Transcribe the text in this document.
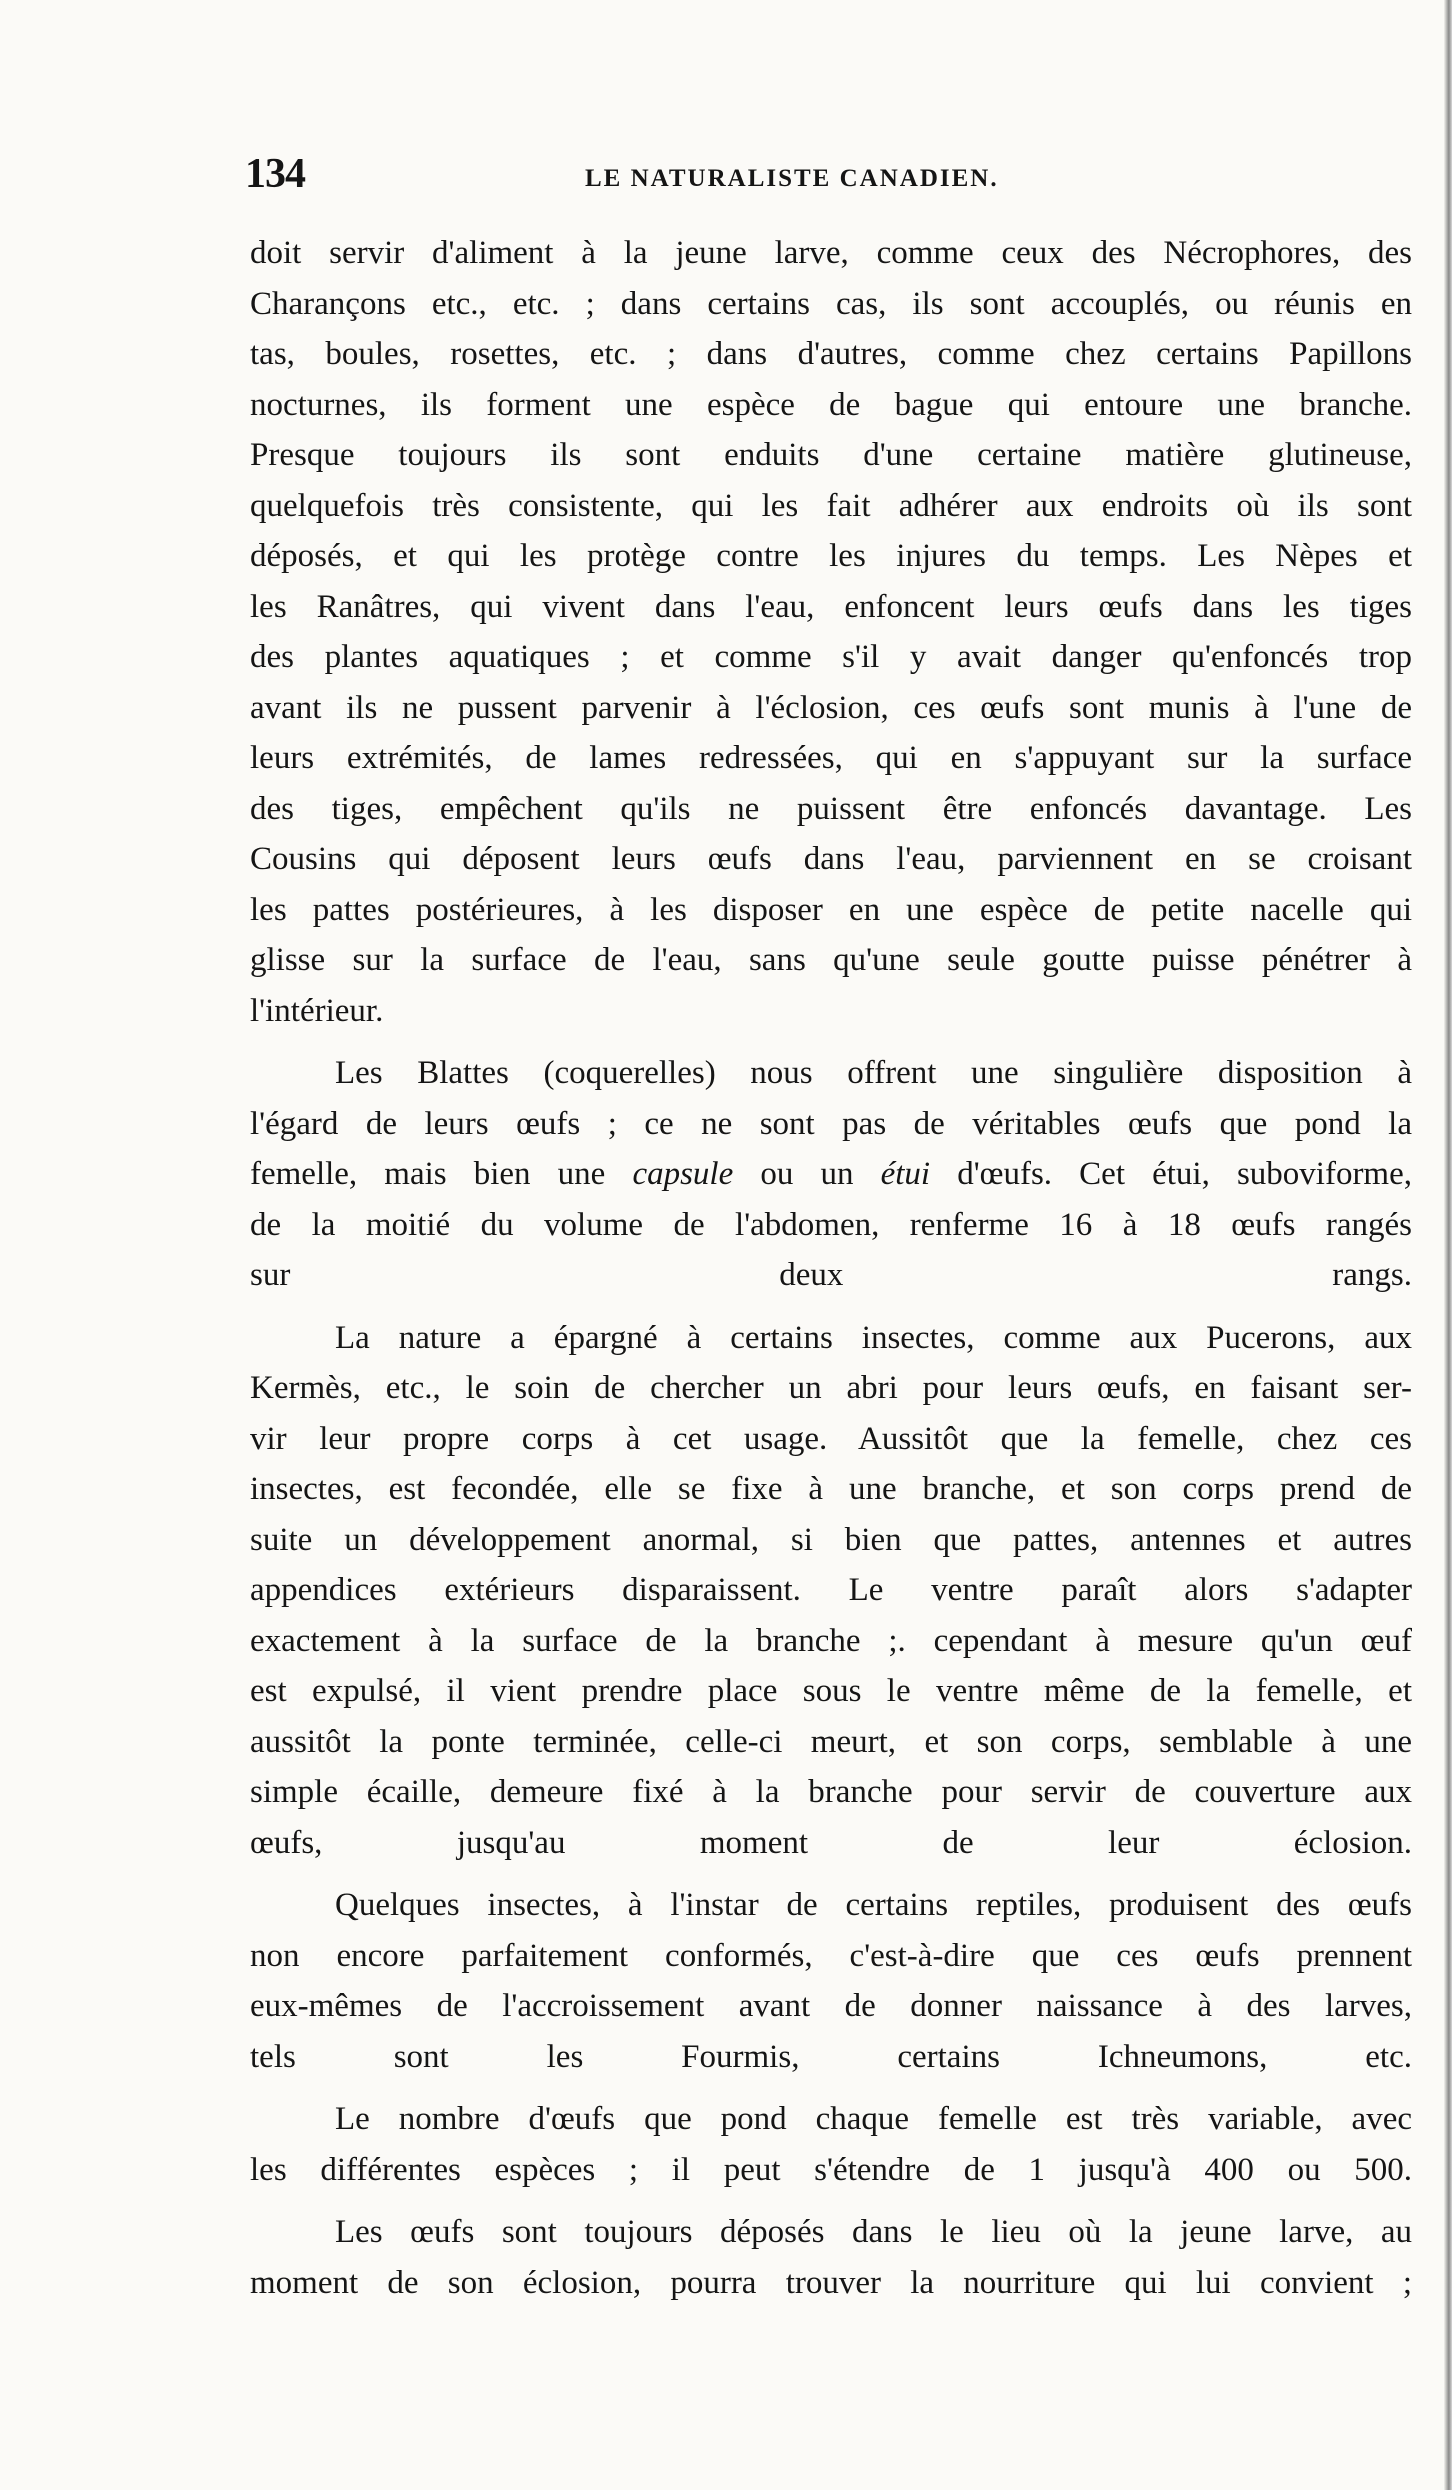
134	LE NATURALISTE CANADIEN.
doit servir d'aliment à la jeune larve, comme ceux des Nécrophores, des
Charançons etc., etc. ; dans certains cas, ils sont accouplés, ou réunis en
tas, boules, rosettes, etc. ; dans d'autres, comme chez certains Papillons
nocturnes, ils forment une espèce de bague qui entoure une branche.
Presque toujours ils sont enduits d'une certaine matière glutineuse,
quelquefois très consistente, qui les fait adhérer aux endroits où ils sont
déposés, et qui les protège contre les injures du temps. Les Nèpes et
les Ranâtres, qui vivent dans l'eau, enfoncent leurs œufs dans les tiges
des plantes aquatiques ; et comme s'il y avait danger qu'enfoncés trop
avant ils ne pussent parvenir à l'éclosion, ces œufs sont munis à l'une de
leurs extrémités, de lames redressées, qui en s'appuyant sur la surface
des tiges, empêchent qu'ils ne puissent être enfoncés davantage. Les
Cousins qui déposent leurs œufs dans l'eau, parviennent en se croisant
les pattes postérieures, à les disposer en une espèce de petite nacelle qui
glisse sur la surface de l'eau, sans qu'une seule goutte puisse pénétrer à
l'intérieur.
Les Blattes (coquerelles) nous offrent une singulière disposition à
l'égard de leurs œufs ; ce ne sont pas de véritables œufs que pond la
femelle, mais bien une capsule ou un étui d'œufs. Cet étui, suboviforme,
de la moitié du volume de l'abdomen, renferme 16 à 18 œufs rangés
sur deux rangs.
La nature a épargné à certains insectes, comme aux Pucerons, aux
Kermès, etc., le soin de chercher un abri pour leurs œufs, en faisant ser-
vir leur propre corps à cet usage. Aussitôt que la femelle, chez ces
insectes, est fecondée, elle se fixe à une branche, et son corps prend de
suite un développement anormal, si bien que pattes, antennes et autres
appendices extérieurs disparaissent. Le ventre paraît alors s'adapter
exactement à la surface de la branche ;. cependant à mesure qu'un œuf
est expulsé, il vient prendre place sous le ventre même de la femelle, et
aussitôt la ponte terminée, celle-ci meurt, et son corps, semblable à une
simple écaille, demeure fixé à la branche pour servir de couverture aux
œufs, jusqu'au moment de leur éclosion.
Quelques insectes, à l'instar de certains reptiles, produisent des œufs
non encore parfaitement conformés, c'est-à-dire que ces œufs prennent
eux-mêmes de l'accroissement avant de donner naissance à des larves,
tels sont les Fourmis, certains Ichneumons, etc.
Le nombre d'œufs que pond chaque femelle est très variable, avec
les différentes espèces ; il peut s'étendre de 1 jusqu'à 400 ou 500.
Les œufs sont toujours déposés dans le lieu où la jeune larve, au
moment de son éclosion, pourra trouver la nourriture qui lui convient ;
